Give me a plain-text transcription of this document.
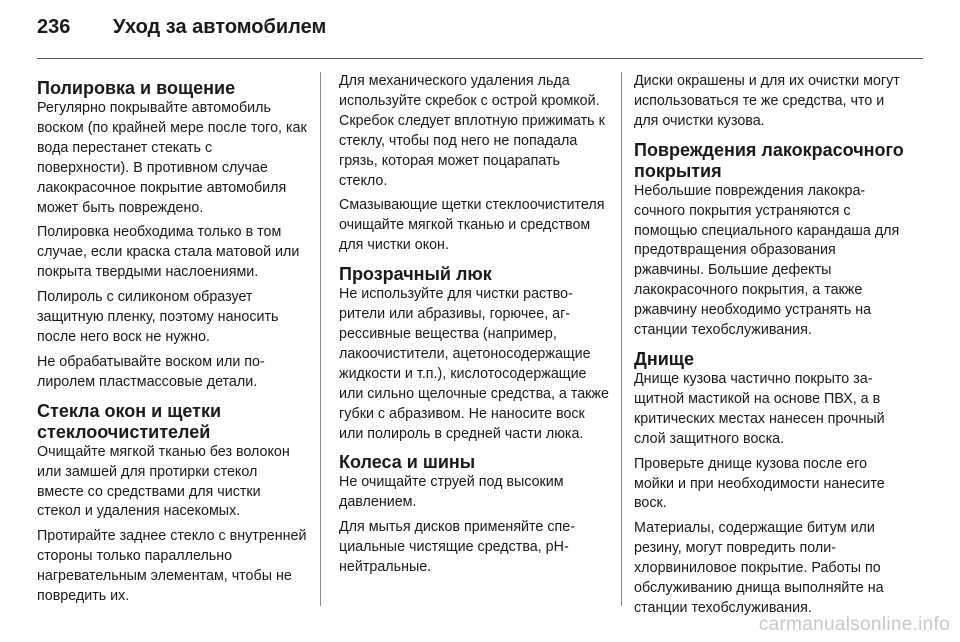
236	Уход за автомобилем
Полировка и вощение

Регулярно покрывайте автомобиль воском (по крайней мере после того, как вода перестанет стекать с поверхности). В противном случае лакокрасочное покрытие автомобиля может быть повреждено.

Полировка необходима только в том случае, если краска стала матовой или покрыта твердыми наслоениями.

Полироль с силиконом образует защитную пленку, поэтому наносить после него воск не нужно.

Не обрабатывайте воском или полиролем пластмассовые детали.

Стекла окон и щетки стеклоочистителей

Очищайте мягкой тканью без волокон или замшей для протирки стекол вместе со средствами для чистки стекол и удаления насекомых.

Протирайте заднее стекло с внутренней стороны только параллельно нагревательным элементам, чтобы не повредить их.

Для механического удаления льда используйте скребок с острой кромкой. Скребок следует вплотную прижимать к стеклу, чтобы под него не попадала грязь, которая может поцарапать стекло.

Смазывающие щетки стеклоочистителя очищайте мягкой тканью и средством для чистки окон.

Прозрачный люк

Не используйте для чистки растворители или абразивы, горючее, агрессивные вещества (например, лакоочистители, ацетоносодержащие жидкости и т.п.), кислотосодержащие или сильно щелочные средства, а также губки с абразивом. Не наносите воск или полироль в средней части люка.

Колеса и шины

Не очищайте струей под высоким давлением.

Для мытья дисков применяйте специальные чистящие средства, pH-нейтральные.

Диски окрашены и для их очистки могут использоваться те же средства, что и для очистки кузова.

Повреждения лакокрасочного покрытия

Небольшие повреждения лакокрасочного покрытия устраняются с помощью специального карандаша для предотвращения образования ржавчины. Большие дефекты лакокрасочного покрытия, а также ржавчину необходимо устранять на станции техобслуживания.

Днище

Днище кузова частично покрыто защитной мастикой на основе ПВХ, а в критических местах нанесен прочный слой защитного воска.

Проверьте днище кузова после его мойки и при необходимости нанесите воск.

Материалы, содержащие битум или резину, могут повредить полихлорвиниловое покрытие. Работы по обслуживанию днища выполняйте на станции техобслуживания.

carmanualsonline.info
